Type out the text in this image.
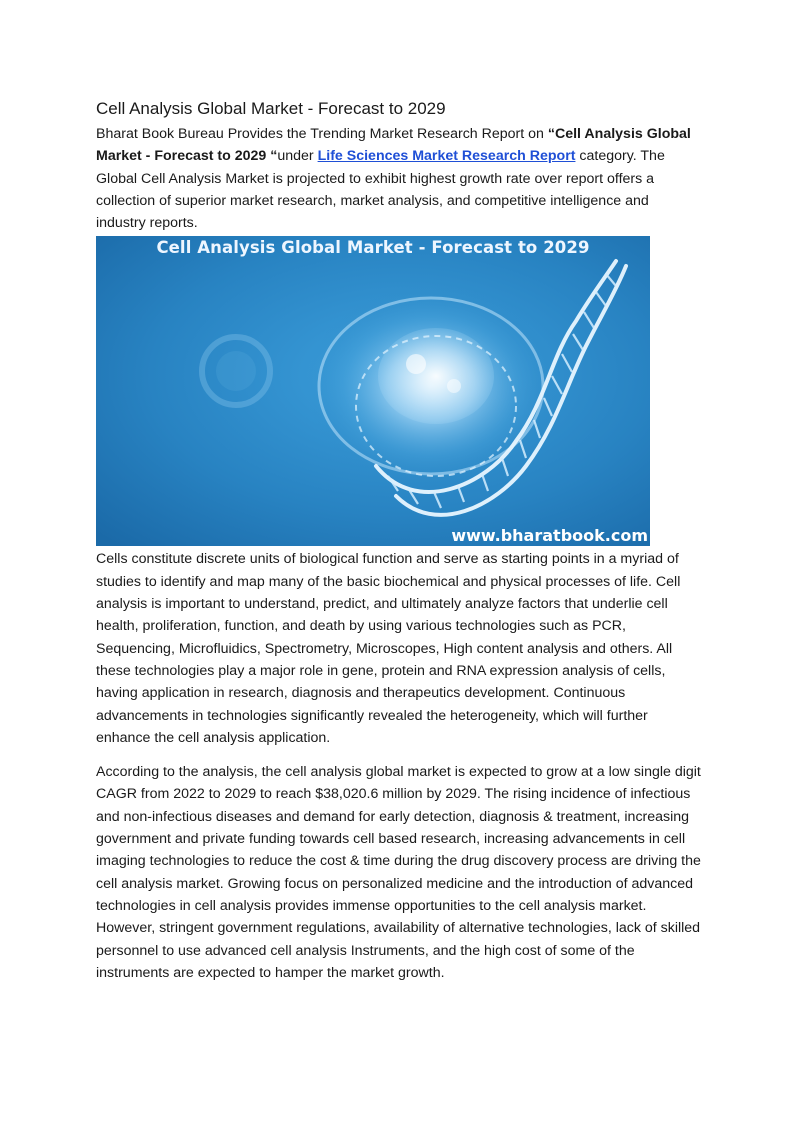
Cell Analysis Global Market - Forecast to 2029

Bharat Book Bureau Provides the Trending Market Research Report on “Cell Analysis Global Market - Forecast to 2029 “under Life Sciences Market Research Report category. The Global Cell Analysis Market is projected to exhibit highest growth rate over report offers a collection of superior market research, market analysis, and competitive intelligence and industry reports.

Cell Analysis Global Market - Forecast to 2029
www.bharatbook.com

Cells constitute discrete units of biological function and serve as starting points in a myriad of studies to identify and map many of the basic biochemical and physical processes of life. Cell analysis is important to understand, predict, and ultimately analyze factors that underlie cell health, proliferation, function, and death by using various technologies such as PCR, Sequencing, Microfluidics, Spectrometry, Microscopes, High content analysis and others. All these technologies play a major role in gene, protein and RNA expression analysis of cells, having application in research, diagnosis and therapeutics development. Continuous advancements in technologies significantly revealed the heterogeneity, which will further enhance the cell analysis application.

According to the analysis, the cell analysis global market is expected to grow at a low single digit CAGR from 2022 to 2029 to reach $38,020.6 million by 2029. The rising incidence of infectious and non-infectious diseases and demand for early detection, diagnosis & treatment, increasing government and private funding towards cell based research, increasing advancements in cell imaging technologies to reduce the cost & time during the drug discovery process are driving the cell analysis market. Growing focus on personalized medicine and the introduction of advanced technologies in cell analysis provides immense opportunities to the cell analysis market. However, stringent government regulations, availability of alternative technologies, lack of skilled personnel to use advanced cell analysis Instruments, and the high cost of some of the instruments are expected to hamper the market growth.
